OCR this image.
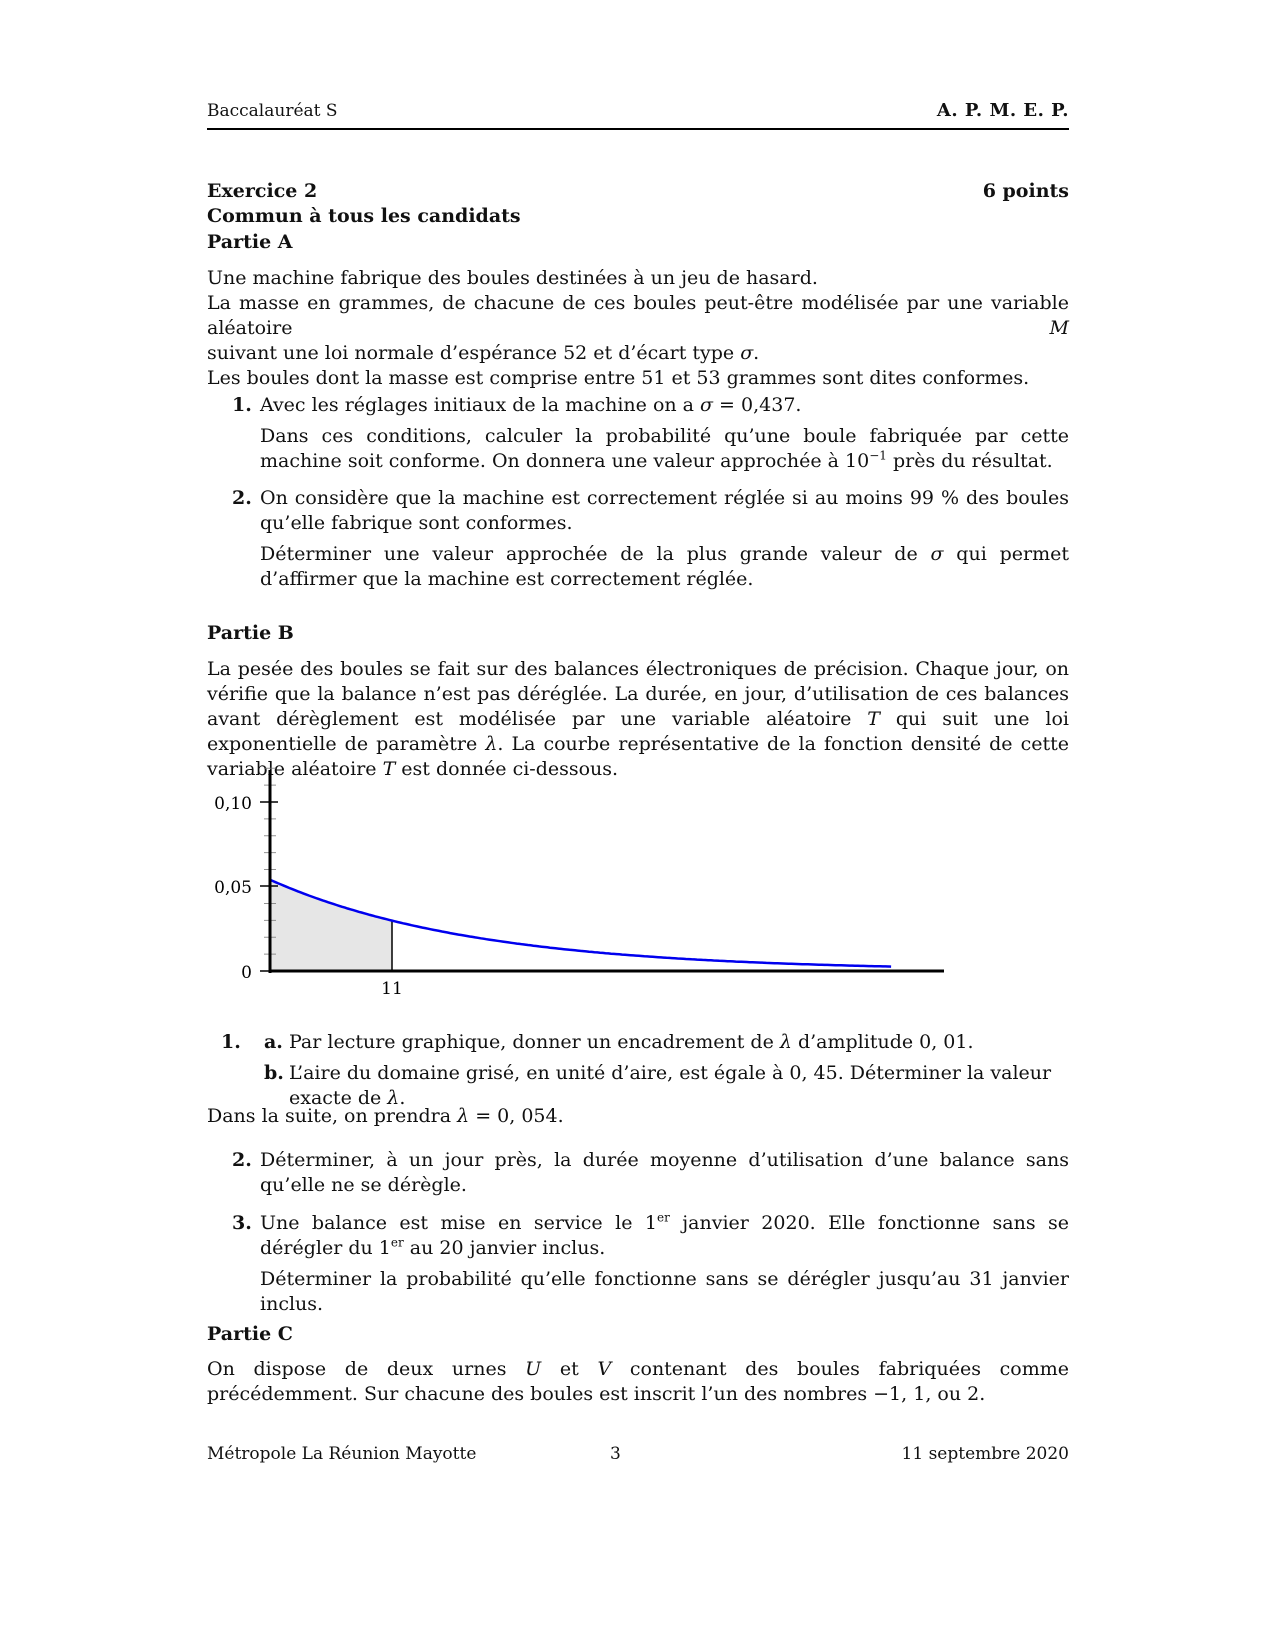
Baccalauréat S	A. P. M. E. P.
Exercice 2	6 points
Commun à tous les candidats
Partie A
Une machine fabrique des boules destinées à un jeu de hasard.
La masse en grammes, de chacune de ces boules peut-être modélisée par une variable aléatoire M
suivant une loi normale d’espérance 52 et d’écart type σ.
Les boules dont la masse est comprise entre 51 et 53 grammes sont dites conformes.
1. Avec les réglages initiaux de la machine on a σ = 0,437.

Dans ces conditions, calculer la probabilité qu’une boule fabriquée par cette machine soit conforme. On donnera une valeur approchée à $10^{-1}$ près du résultat.

2. On considère que la machine est correctement réglée si au moins 99 % des boules qu’elle fabrique sont conformes.

Déterminer une valeur approchée de la plus grande valeur de σ qui permet d’affirmer que la machine est correctement réglée.

Partie B
La pesée des boules se fait sur des balances électroniques de précision. Chaque jour, on vérifie que la balance n’est pas déréglée. La durée, en jour, d’utilisation de ces balances avant dérèglement est modélisée par une variable aléatoire T qui suit une loi exponentielle de paramètre λ. La courbe représentative de la fonction densité de cette variable aléatoire T est donnée ci-dessous.
0
0,05
0,10
11
1. a. Par lecture graphique, donner un encadrement de λ d’amplitude 0, 01.
b. L’aire du domaine grisé, en unité d’aire, est égale à 0, 45. Déterminer la valeur exacte de λ.
Dans la suite, on prendra λ = 0, 054.
2. Déterminer, à un jour près, la durée moyenne d’utilisation d’une balance sans qu’elle ne se dérègle.

3. Une balance est mise en service le 1er janvier 2020. Elle fonctionne sans se dérégler du 1er au 20 janvier inclus.

Déterminer la probabilité qu’elle fonctionne sans se dérégler jusqu’au 31 janvier inclus.

Partie C
On dispose de deux urnes U et V contenant des boules fabriquées comme précédemment. Sur chacune des boules est inscrit l’un des nombres −1, 1, ou 2.
Métropole La Réunion Mayotte	3	11 septembre 2020
